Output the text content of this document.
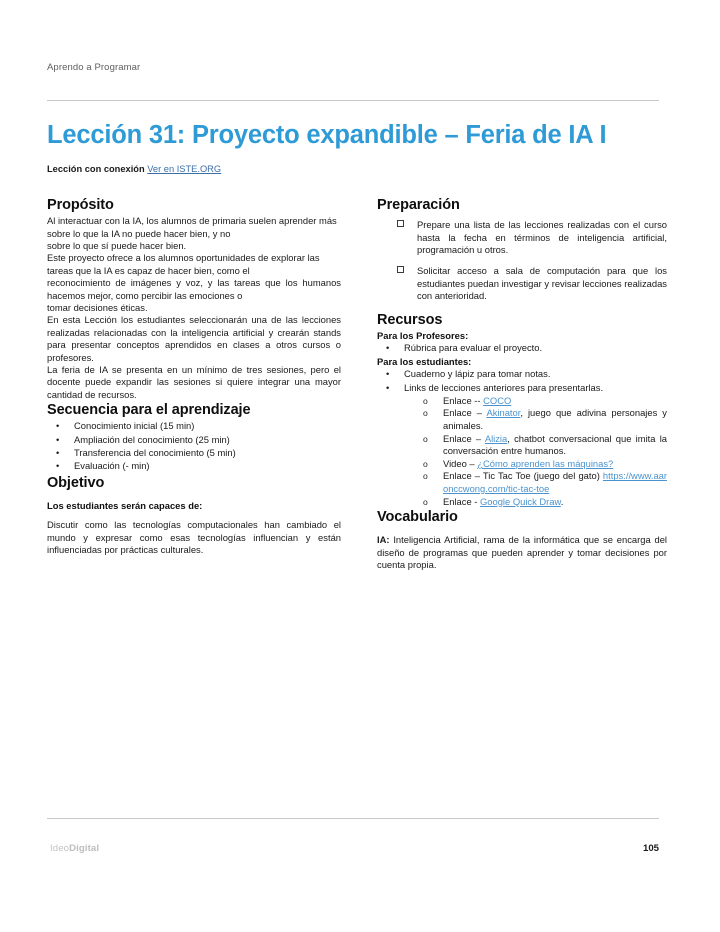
Aprendo a Programar
Lección 31: Proyecto expandible – Feria de IA I
Lección con conexión Ver en ISTE.ORG
Propósito

Al interactuar con la IA, los alumnos de primaria suelen aprender más sobre lo que la IA no puede hacer bien, y no

sobre lo que sí puede hacer bien.

Este proyecto ofrece a los alumnos oportunidades de explorar las tareas que la IA es capaz de hacer bien, como el

reconocimiento de imágenes y voz, y las tareas que los humanos hacemos mejor, como percibir las emociones o

tomar decisiones éticas.

En esta Lección los estudiantes seleccionarán una de las lecciones realizadas relacionadas con la inteligencia artificial y crearán stands para presentar conceptos aprendidos en clases a otros cursos o profesores.

La feria de IA se presenta en un mínimo de tres sesiones, pero el docente puede expandir las sesiones si quiere integrar una mayor cantidad de recursos.

Secuencia para el aprendizaje
• Conocimiento inicial (15 min)
• Ampliación del conocimiento (25 min)
• Transferencia del conocimiento (5 min)
• Evaluación (- min)
Objetivo

Los estudiantes serán capaces de:

Discutir como las tecnologías computacionales han cambiado el mundo y expresar como esas tecnologías influencian y están influenciadas por prácticas culturales.

Preparación
Prepare una lista de las lecciones realizadas con el curso hasta la fecha en términos de inteligencia artificial, programación u otros.
Solicitar acceso a sala de computación para que los estudiantes puedan investigar y revisar lecciones realizadas con anterioridad.
Recursos

Para los Profesores:

• Rúbrica para evaluar el proyecto.

Para los estudiantes:

• Cuaderno y lápiz para tomar notas.
• Links de lecciones anteriores para presentarlas.
o Enlace -- COCO
o Enlace – Akinator, juego que adivina personajes y animales.
o Enlace – Alizia, chatbot conversacional que imita la conversación entre humanos.
o Video – ¿Cómo aprenden las máquinas?
o Enlace – Tic Tac Toe (juego del gato) https://www.aaronccwong.com/tic-tac-toe
o Enlace - Google Quick Draw.
Vocabulario

IA: Inteligencia Artificial, rama de la informática que se encarga del diseño de programas que pueden aprender y tomar decisiones por cuenta propia.

IdeoDigital	105
